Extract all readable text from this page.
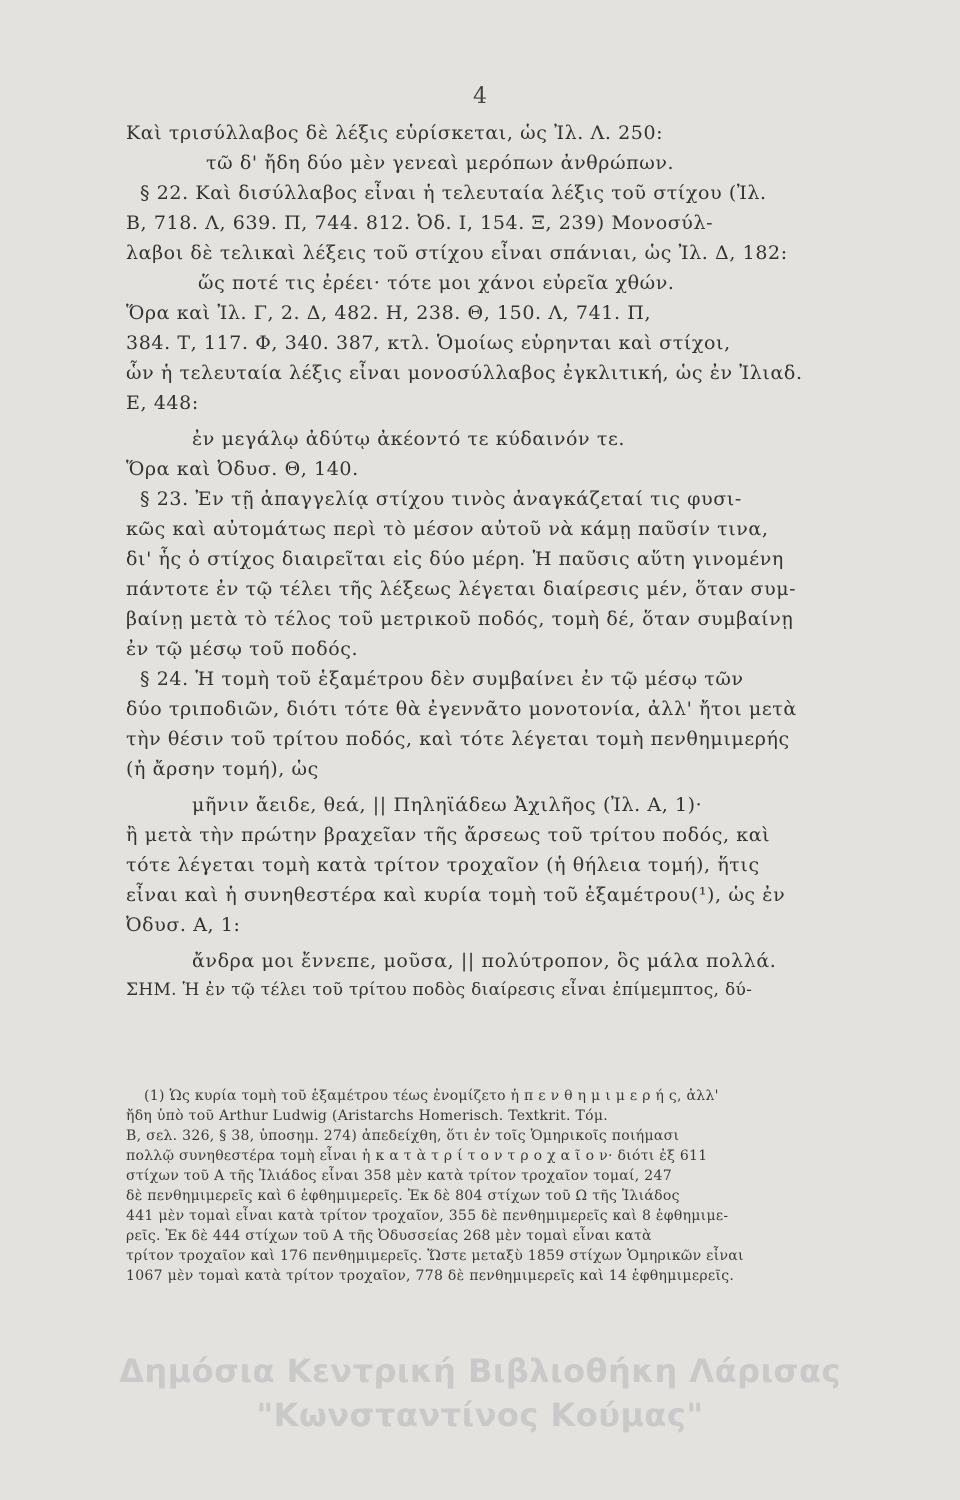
4
Καὶ τρισύλλαβος δὲ λέξις εὑρίσκεται, ὡς Ἰλ. Λ. 250:
τῶ δ' ἤδη δύο μὲν γενεαὶ μερόπων ἀνθρώπων.
§ 22. Καὶ δισύλλαβος εἶναι ἡ τελευταία λέξις τοῦ στίχου (Ἰλ.
Β, 718. Λ, 639. Π, 744. 812. Ὀδ. Ι, 154. Ξ, 239) Μονοσύλ-
λαβοι δὲ τελικαὶ λέξεις τοῦ στίχου εἶναι σπάνιαι, ὡς Ἰλ. Δ, 182:
ὥς ποτέ τις ἐρέει· τότε μοι χάνοι εὐρεῖα χθών.
Ὅρα καὶ Ἰλ. Γ, 2. Δ, 482. Η, 238. Θ, 150. Λ, 741. Π,
384. Τ, 117. Φ, 340. 387, κτλ. Ὁμοίως εὑρηνται καὶ στίχοι,
ὧν ἡ τελευταία λέξις εἶναι μονοσύλλαβος ἐγκλιτική, ὡς ἐν Ἰλιαδ.
Ε, 448:
ἐν μεγάλῳ ἀδύτῳ ἀκέοντό τε κύδαινόν τε.
Ὅρα καὶ Ὀδυσ. Θ, 140.
§ 23. Ἐν τῇ ἀπαγγελίᾳ στίχου τινὸς ἀναγκάζεταί τις φυσι-
κῶς καὶ αὐτομάτως περὶ τὸ μέσον αὐτοῦ νὰ κάμῃ παῦσίν τινα,
δι' ἧς ὁ στίχος διαιρεῖται εἰς δύο μέρη. Ἡ παῦσις αὕτη γινομένη
πάντοτε ἐν τῷ τέλει τῆς λέξεως λέγεται διαίρεσις μέν, ὅταν συμ-
βαίνῃ μετὰ τὸ τέλος τοῦ μετρικοῦ ποδός, τομὴ δέ, ὅταν συμβαίνῃ
ἐν τῷ μέσῳ τοῦ ποδός.
§ 24. Ἡ τομὴ τοῦ ἑξαμέτρου δὲν συμβαίνει ἐν τῷ μέσῳ τῶν
δύο τριποδιῶν, διότι τότε θὰ ἐγεννᾶτο μονοτονία, ἀλλ' ἤτοι μετὰ
τὴν θέσιν τοῦ τρίτου ποδός, καὶ τότε λέγεται τομὴ πενθημιμερής
(ἡ ἄρσην τομή), ὡς
μῆνιν ἄειδε, θεά, || Πηληϊάδεω Ἀχιλῆος (Ἰλ. Α, 1)·
ἢ μετὰ τὴν πρώτην βραχεῖαν τῆς ἄρσεως τοῦ τρίτου ποδός, καὶ
τότε λέγεται τομὴ κατὰ τρίτον τροχαῖον (ἡ θήλεια τομή), ἥτις
εἶναι καὶ ἡ συνηθεστέρα καὶ κυρία τομὴ τοῦ ἑξαμέτρου(¹), ὡς ἐν
Ὀδυσ. Α, 1:
ἄνδρα μοι ἔννεπε, μοῦσα, || πολύτροπον, ὃς μάλα πολλά.
ΣΗΜ. Ἡ ἐν τῷ τέλει τοῦ τρίτου ποδὸς διαίρεσις εἶναι ἐπίμεμπτος, δύ-
(1) Ὡς κυρία τομὴ τοῦ ἑξαμέτρου τέως ἐνομίζετο ἡ π ε ν θ η μ ι μ ε ρ ή ς, ἀλλ'
ἤδη ὑπὸ τοῦ Arthur Ludwig (Aristarchs Homerisch. Textkrit. Τόμ.
Β, σελ. 326, § 38, ὑποσημ. 274) ἀπεδείχθη, ὅτι ἐν τοῖς Ὁμηρικοῖς ποιήμασι
πολλῷ συνηθεστέρα τομὴ εἶναι ἡ κ α τ ὰ τ ρ ί τ ο ν τ ρ ο χ α ῖ ο ν· διότι ἐξ 611
στίχων τοῦ Α τῆς Ἰλιάδος εἶναι 358 μὲν κατὰ τρίτον τροχαῖον τομαί, 247
δὲ πενθημιμερεῖς καὶ 6 ἑφθημιμερεῖς. Ἐκ δὲ 804 στίχων τοῦ Ω τῆς Ἰλιάδος
441 μὲν τομαὶ εἶναι κατὰ τρίτον τροχαῖον, 355 δὲ πενθημιμερεῖς καὶ 8 ἑφθημιμε-
ρεῖς. Ἐκ δὲ 444 στίχων τοῦ Α τῆς Ὀδυσσείας 268 μὲν τομαὶ εἶναι κατὰ
τρίτον τροχαῖον καὶ 176 πενθημιμερεῖς. Ὥστε μεταξὺ 1859 στίχων Ὁμηρικῶν εἶναι
1067 μὲν τομαὶ κατὰ τρίτον τροχαῖον, 778 δὲ πενθημιμερεῖς καὶ 14 ἑφθημιμερεῖς.
Δημόσια Κεντρική Βιβλιοθήκη Λάρισας
"Κωνσταντίνος Κούμας"
